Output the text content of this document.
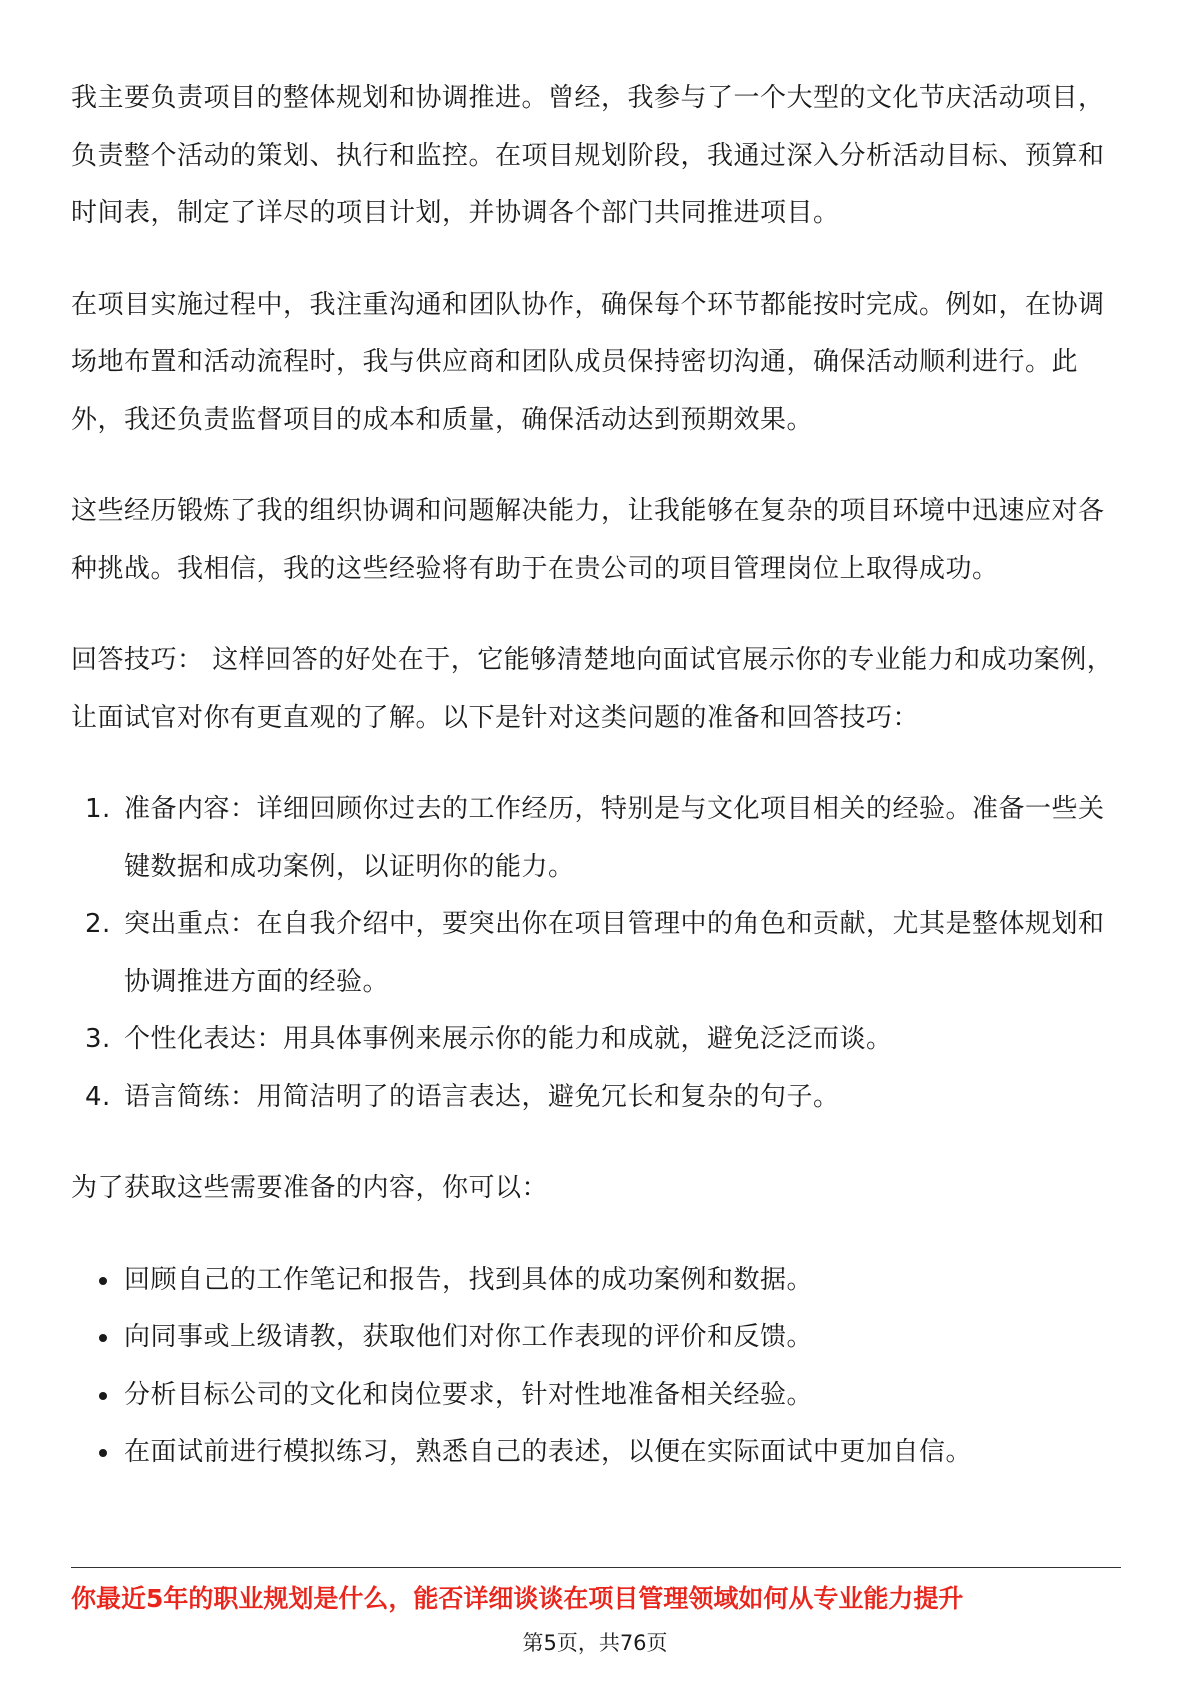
我主要负责项目的整体规划和协调推进。曾经，我参与了一个大型的文化节庆活动项目，负责整个活动的策划、执行和监控。在项目规划阶段，我通过深入分析活动目标、预算和时间表，制定了详尽的项目计划，并协调各个部门共同推进项目。

在项目实施过程中，我注重沟通和团队协作，确保每个环节都能按时完成。例如，在协调场地布置和活动流程时，我与供应商和团队成员保持密切沟通，确保活动顺利进行。此外，我还负责监督项目的成本和质量，确保活动达到预期效果。

这些经历锻炼了我的组织协调和问题解决能力，让我能够在复杂的项目环境中迅速应对各种挑战。我相信，我的这些经验将有助于在贵公司的项目管理岗位上取得成功。

回答技巧： 这样回答的好处在于，它能够清楚地向面试官展示你的专业能力和成功案例，让面试官对你有更直观的了解。以下是针对这类问题的准备和回答技巧：

1. 准备内容：详细回顾你过去的工作经历，特别是与文化项目相关的经验。准备一些关键数据和成功案例，以证明你的能力。
2. 突出重点：在自我介绍中，要突出你在项目管理中的角色和贡献，尤其是整体规划和协调推进方面的经验。
3. 个性化表达：用具体事例来展示你的能力和成就，避免泛泛而谈。
4. 语言简练：用简洁明了的语言表达，避免冗长和复杂的句子。

为了获取这些需要准备的内容，你可以：

回顾自己的工作笔记和报告，找到具体的成功案例和数据。
向同事或上级请教，获取他们对你工作表现的评价和反馈。
分析目标公司的文化和岗位要求，针对性地准备相关经验。
在面试前进行模拟练习，熟悉自己的表述，以便在实际面试中更加自信。
你最近5年的职业规划是什么，能否详细谈谈在项目管理领域如何从专业能力提升
第5页，共76页
